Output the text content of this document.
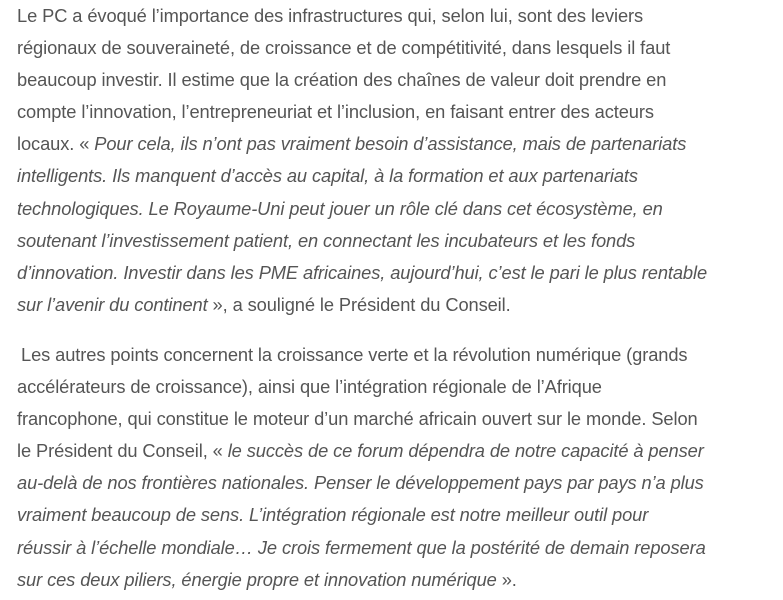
Le PC a évoqué l’importance des infrastructures qui, selon lui, sont des leviers
régionaux de souveraineté, de croissance et de compétitivité, dans lesquels il faut
beaucoup investir. Il estime que la création des chaînes de valeur doit prendre en
compte l’innovation, l’entrepreneuriat et l’inclusion, en faisant entrer des acteurs
locaux. « Pour cela, ils n’ont pas vraiment besoin d’assistance, mais de partenariats
intelligents. Ils manquent d’accès au capital, à la formation et aux partenariats
technologiques. Le Royaume-Uni peut jouer un rôle clé dans cet écosystème, en
soutenant l’investissement patient, en connectant les incubateurs et les fonds
d’innovation. Investir dans les PME africaines, aujourd’hui, c’est le pari le plus rentable
sur l’avenir du continent », a souligné le Président du Conseil.

Les autres points concernent la croissance verte et la révolution numérique (grands
accélérateurs de croissance), ainsi que l’intégration régionale de l’Afrique
francophone, qui constitue le moteur d’un marché africain ouvert sur le monde. Selon
le Président du Conseil, « le succès de ce forum dépendra de notre capacité à penser
au-delà de nos frontières nationales. Penser le développement pays par pays n’a plus
vraiment beaucoup de sens. L’intégration régionale est notre meilleur outil pour
réussir à l’échelle mondiale… Je crois fermement que la postérité de demain reposera
sur ces deux piliers, énergie propre et innovation numérique ».
